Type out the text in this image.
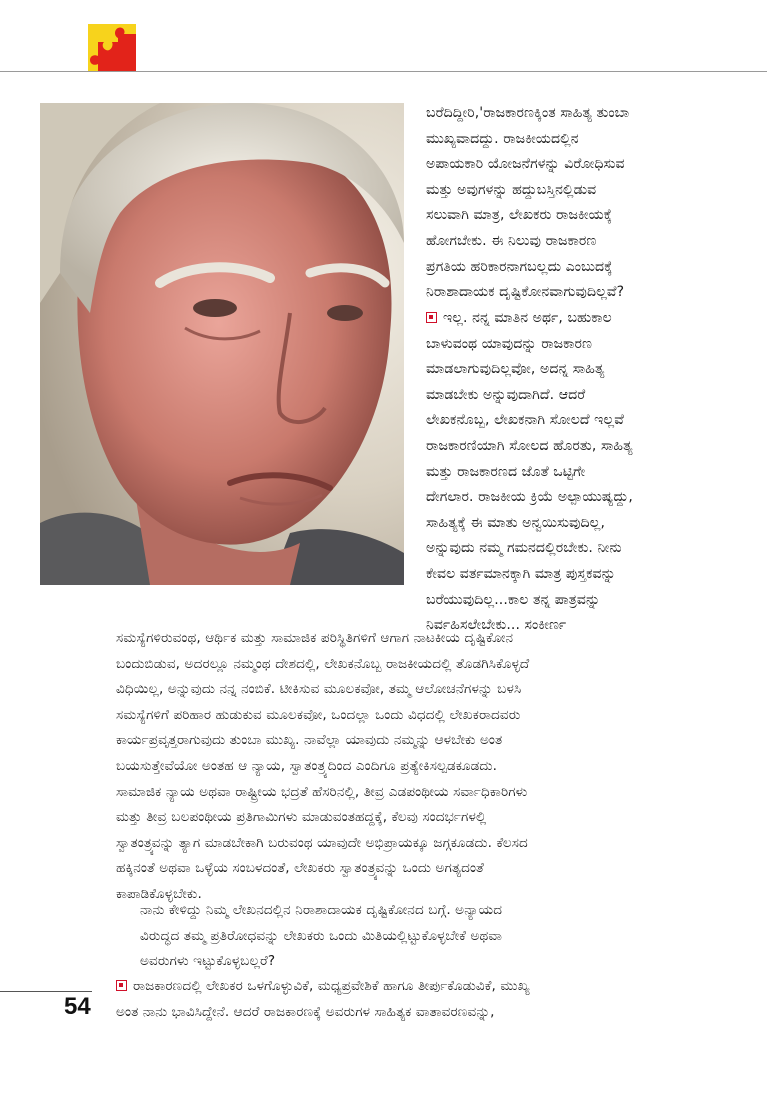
ಬರೆದಿದ್ದೀರಿ,'ರಾಜಕಾರಣಕ್ಕಿಂತ ಸಾಹಿತ್ಯ ತುಂಬಾ
ಮುಖ್ಯವಾದದ್ದು. ರಾಜಕೀಯದಲ್ಲಿನ
ಅಪಾಯಕಾರಿ ಯೋಜನೆಗಳನ್ನು ವಿರೋಧಿಸುವ
ಮತ್ತು ಅವುಗಳನ್ನು ಹದ್ದುಬಸ್ತಿನಲ್ಲಿಡುವ
ಸಲುವಾಗಿ ಮಾತ್ರ, ಲೇಖಕರು ರಾಜಕೀಯಕ್ಕೆ
ಹೋಗಬೇಕು. ಈ ನಿಲುವು ರಾಜಕಾರಣ
ಪ್ರಗತಿಯ ಹರಿಕಾರನಾಗಬಲ್ಲದು ಎಂಬುದಕ್ಕೆ
ನಿರಾಶಾದಾಯಕ ದೃಷ್ಟಿಕೋನವಾಗುವುದಿಲ್ಲವೆ?

ಇಲ್ಲ. ನನ್ನ ಮಾತಿನ ಅರ್ಥ, ಬಹುಕಾಲ
ಬಾಳುವಂಥ ಯಾವುದನ್ನು ರಾಜಕಾರಣ
ಮಾಡಲಾಗುವುದಿಲ್ಲವೋ, ಅದನ್ನ ಸಾಹಿತ್ಯ
ಮಾಡಬೇಕು ಅನ್ನುವುದಾಗಿದೆ. ಆದರೆ
ಲೇಖಕನೊಬ್ಬ, ಲೇಖಕನಾಗಿ ಸೋಲದೆ ಇಲ್ಲವೆ
ರಾಜಕಾರಣಿಯಾಗಿ ಸೋಲದ ಹೊರತು, ಸಾಹಿತ್ಯ
ಮತ್ತು ರಾಜಕಾರಣದ ಜೊತೆ ಒಟ್ಟಿಗೇ
ದೇಗಲಾರ. ರಾಜಕೀಯ ಕ್ರಿಯೆ ಅಲ್ಪಾಯುಷ್ಯದ್ದು,
ಸಾಹಿತ್ಯಕ್ಕೆ ಈ ಮಾತು ಅನ್ವಯಿಸುವುದಿಲ್ಲ,
ಅನ್ನುವುದು ನಮ್ಮ ಗಮನದಲ್ಲಿರಬೇಕು. ನೀನು
ಕೇವಲ ವರ್ತಮಾನಕ್ಕಾಗಿ ಮಾತ್ರ ಪುಸ್ತಕವನ್ನು
ಬರೆಯುವುದಿಲ್ಲ...ಕಾಲ ತನ್ನ ಪಾತ್ರವನ್ನು
ನಿರ್ವಹಿಸಲೇಬೇಕು... ಸಂಕೀರ್ಣ

ಸಮಸ್ಯೆಗಳಿರುವಂಥ, ಆರ್ಥಿಕ ಮತ್ತು ಸಾಮಾಜಿಕ ಪರಿಸ್ಥಿತಿಗಳಿಗೆ ಆಗಾಗ ನಾಟಕೀಯ ದೃಷ್ಟಿಕೋನ
ಬಂದುಬಿಡುವ, ಅದರಲ್ಲೂ ನಮ್ಮಂಥ ದೇಶದಲ್ಲಿ, ಲೇಖಕನೊಬ್ಬ ರಾಜಕೀಯದಲ್ಲಿ ತೊಡಗಿಸಿಕೊಳ್ಳದೆ
ವಿಧಿಯಿಲ್ಲ, ಅನ್ನುವುದು ನನ್ನ ನಂಬಿಕೆ. ಟೀಕಿಸುವ ಮೂಲಕವೋ, ತಮ್ಮ ಆಲೋಚನೆಗಳನ್ನು ಬಳಸಿ
ಸಮಸ್ಯೆಗಳಿಗೆ ಪರಿಹಾರ ಹುಡುಕುವ ಮೂಲಕವೋ, ಒಂದಲ್ಲಾ ಒಂದು ವಿಧದಲ್ಲಿ ಲೇಖಕರಾದವರು
ಕಾರ್ಯಪ್ರವೃತ್ತರಾಗುವುದು ತುಂಬಾ ಮುಖ್ಯ. ನಾವೆಲ್ಲಾ ಯಾವುದು ನಮ್ಮನ್ನು ಆಳಬೇಕು ಅಂತ
ಬಯಸುತ್ತೇವೆಯೋ ಅಂತಹ ಆ ನ್ಯಾಯ, ಸ್ವಾತಂತ್ರ್ಯದಿಂದ ಎಂದಿಗೂ ಪ್ರತ್ಯೇಕಿಸಲ್ಪಡಕೂಡದು.
ಸಾಮಾಜಿಕ ನ್ಯಾಯ ಅಥವಾ ರಾಷ್ಟ್ರೀಯ ಭದ್ರತೆ ಹೆಸರಿನಲ್ಲಿ, ತೀವ್ರ ಎಡಪಂಥೀಯ ಸರ್ವಾಧಿಕಾರಿಗಳು
ಮತ್ತು ತೀವ್ರ ಬಲಪಂಥೀಯ ಪ್ರತಿಗಾಮಿಗಳು ಮಾಡುವಂತಹದ್ದಕ್ಕೆ, ಕೆಲವು ಸಂದರ್ಭಗಳಲ್ಲಿ
ಸ್ವಾತಂತ್ರ್ಯವನ್ನು ತ್ಯಾಗ ಮಾಡಬೇಕಾಗಿ ಬರುವಂಥ ಯಾವುದೇ ಅಭಿಪ್ರಾಯಕ್ಕೂ ಜಗ್ಗಕೂಡದು. ಕೆಲಸದ
ಹಕ್ಕಿನಂತೆ ಅಥವಾ ಒಳ್ಳೆಯ ಸಂಬಳದಂತೆ, ಲೇಖಕರು ಸ್ವಾತಂತ್ರ್ಯವನ್ನು ಒಂದು ಅಗತ್ಯದಂತೆ
ಕಾಪಾಡಿಕೊಳ್ಳಬೇಕು.

ನಾನು ಕೇಳಿದ್ದು ನಿಮ್ಮ ಲೇಖನದಲ್ಲಿನ ನಿರಾಶಾದಾಯಕ ದೃಷ್ಟಿಕೋನದ ಬಗ್ಗೆ. ಅನ್ಯಾಯದ
ವಿರುದ್ಧದ ತಮ್ಮ ಪ್ರತಿರೋಧವನ್ನು ಲೇಖಕರು ಒಂದು ಮಿತಿಯಲ್ಲಿಟ್ಟುಕೊಳ್ಳಬೇಕೆ ಅಥವಾ
ಅವರುಗಳು ಇಟ್ಟುಕೊಳ್ಳಬಲ್ಲರೆ?

ರಾಜಕಾರಣದಲ್ಲಿ ಲೇಖಕರ ಒಳಗೊಳ್ಳುವಿಕೆ, ಮಧ್ಯಪ್ರವೇಶಿಕೆ ಹಾಗೂ ತೀರ್ಪುಕೊಡುವಿಕೆ, ಮುಖ್ಯ
ಅಂತ ನಾನು ಭಾವಿಸಿದ್ದೇನೆ. ಆದರೆ ರಾಜಕಾರಣಕ್ಕೆ ಅವರುಗಳ ಸಾಹಿತ್ಯಕ ವಾತಾವರಣವನ್ನು,

54
